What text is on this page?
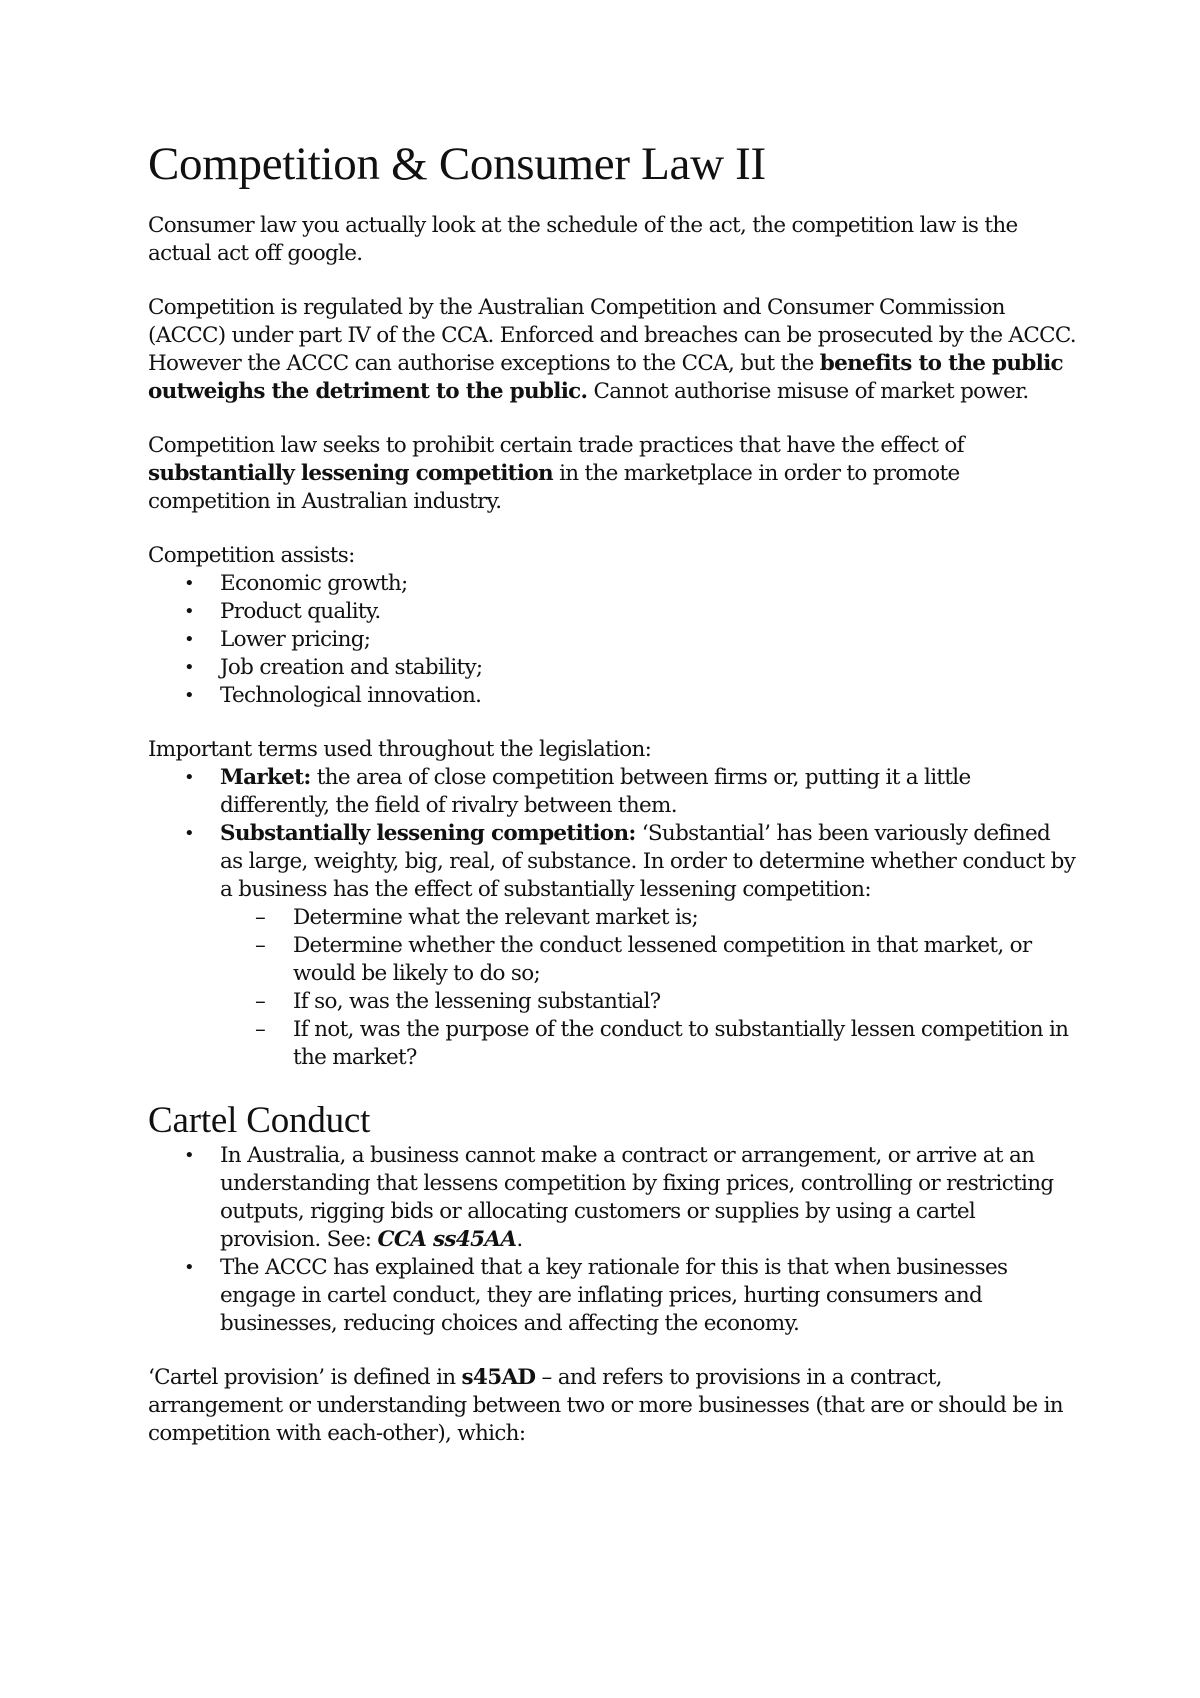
Competition & Consumer Law II

Consumer law you actually look at the schedule of the act, the competition law is the actual act off google.

Competition is regulated by the Australian Competition and Consumer Commission (ACCC) under part IV of the CCA. Enforced and breaches can be prosecuted by the ACCC. However the ACCC can authorise exceptions to the CCA, but the benefits to the public outweighs the detriment to the public. Cannot authorise misuse of market power.

Competition law seeks to prohibit certain trade practices that have the effect of substantially lessening competition in the marketplace in order to promote competition in Australian industry.

Competition assists:

• Economic growth;
• Product quality.
• Lower pricing;
• Job creation and stability;
• Technological innovation.

Important terms used throughout the legislation:

• Market: the area of close competition between firms or, putting it a little differently, the field of rivalry between them.
• Substantially lessening competition: ‘Substantial’ has been variously defined as large, weighty, big, real, of substance. In order to determine whether conduct by a business has the effect of substantially lessening competition:
– Determine what the relevant market is;
– Determine whether the conduct lessened competition in that market, or would be likely to do so;
– If so, was the lessening substantial?
– If not, was the purpose of the conduct to substantially lessen competition in the market?
Cartel Conduct
• In Australia, a business cannot make a contract or arrangement, or arrive at an understanding that lessens competition by fixing prices, controlling or restricting outputs, rigging bids or allocating customers or supplies by using a cartel provision. See: CCA ss45AA.
• The ACCC has explained that a key rationale for this is that when businesses engage in cartel conduct, they are inflating prices, hurting consumers and businesses, reducing choices and affecting the economy.

‘Cartel provision’ is defined in s45AD – and refers to provisions in a contract, arrangement or understanding between two or more businesses (that are or should be in competition with each-other), which:
